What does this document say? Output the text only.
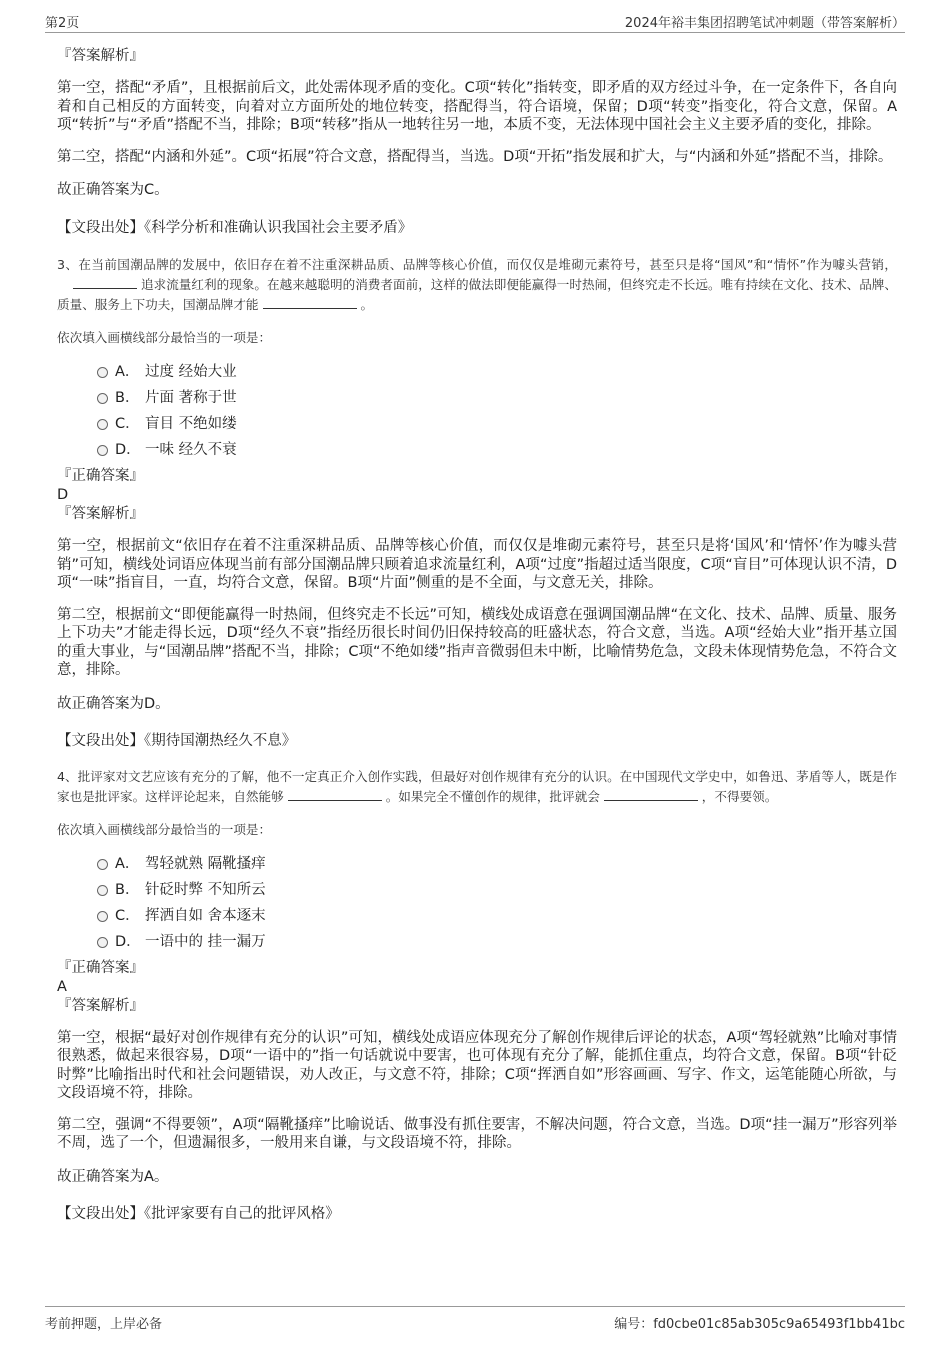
第2页	2024年裕丰集团招聘笔试冲刺题（带答案解析）
『答案解析』
第一空，搭配“矛盾”，且根据前后文，此处需体现矛盾的变化。C项“转化”指转变，即矛盾的双方经过斗争，在一定条件下，各自向着和自己相反的方面转变，向着对立方面所处的地位转变，搭配得当，符合语境，保留；D项“转变”指变化，符合文意，保留。A项“转折”与“矛盾”搭配不当，排除；B项“转移”指从一地转往另一地，本质不变，无法体现中国社会主义主要矛盾的变化，排除。
第二空，搭配“内涵和外延”。C项“拓展”符合文意，搭配得当，当选。D项“开拓”指发展和扩大，与“内涵和外延”搭配不当，排除。
故正确答案为C。
【文段出处】《科学分析和准确认识我国社会主要矛盾》
3、在当前国潮品牌的发展中，依旧存在着不注重深耕品质、品牌等核心价值，而仅仅是堆砌元素符号，甚至只是将“国风”和“情怀”作为噱头营销，追求流量红利的现象。在越来越聪明的消费者面前，这样的做法即便能赢得一时热闹，但终究走不长远。唯有持续在文化、技术、品牌、质量、服务上下功夫，国潮品牌才能	。
依次填入画横线部分最恰当的一项是：
A． 过度 经始大业
B． 片面 著称于世
C． 盲目 不绝如缕
D． 一味 经久不衰
『正确答案』
D
『答案解析』
第一空，根据前文“依旧存在着不注重深耕品质、品牌等核心价值，而仅仅是堆砌元素符号，甚至只是将‘国风’和‘情怀’作为噱头营销”可知，横线处词语应体现当前有部分国潮品牌只顾着追求流量红利，A项“过度”指超过适当限度，C项“盲目”可体现认识不清，D项“一味”指盲目，一直，均符合文意，保留。B项“片面”侧重的是不全面，与文意无关，排除。
第二空，根据前文“即便能赢得一时热闹，但终究走不长远”可知，横线处成语意在强调国潮品牌“在文化、技术、品牌、质量、服务上下功夫”才能走得长远，D项“经久不衰”指经历很长时间仍旧保持较高的旺盛状态，符合文意，当选。A项“经始大业”指开基立国的重大事业，与“国潮品牌”搭配不当，排除；C项“不绝如缕”指声音微弱但未中断，比喻情势危急，文段未体现情势危急，不符合文意，排除。
故正确答案为D。
【文段出处】《期待国潮热经久不息》
4、批评家对文艺应该有充分的了解，他不一定真正介入创作实践，但最好对创作规律有充分的认识。在中国现代文学史中，如鲁迅、茅盾等人，既是作家也是批评家。这样评论起来，自然能够	。如果完全不懂创作的规律，批评就会	，不得要领。
依次填入画横线部分最恰当的一项是：
A． 驾轻就熟 隔靴搔痒
B． 针砭时弊 不知所云
C． 挥洒自如 舍本逐末
D． 一语中的 挂一漏万
『正确答案』
A
『答案解析』
第一空，根据“最好对创作规律有充分的认识”可知，横线处成语应体现充分了解创作规律后评论的状态，A项“驾轻就熟”比喻对事情很熟悉，做起来很容易，D项“一语中的”指一句话就说中要害，也可体现有充分了解，能抓住重点，均符合文意，保留。B项“针砭时弊”比喻指出时代和社会问题错误，劝人改正，与文意不符，排除；C项“挥洒自如”形容画画、写字、作文，运笔能随心所欲，与文段语境不符，排除。
第二空，强调“不得要领”，A项“隔靴搔痒”比喻说话、做事没有抓住要害，不解决问题，符合文意，当选。D项“挂一漏万”形容列举不周，选了一个，但遗漏很多，一般用来自谦，与文段语境不符，排除。
故正确答案为A。
【文段出处】《批评家要有自己的批评风格》
考前押题，上岸必备	编号：fd0cbe01c85ab305c9a65493f1bb41bc
